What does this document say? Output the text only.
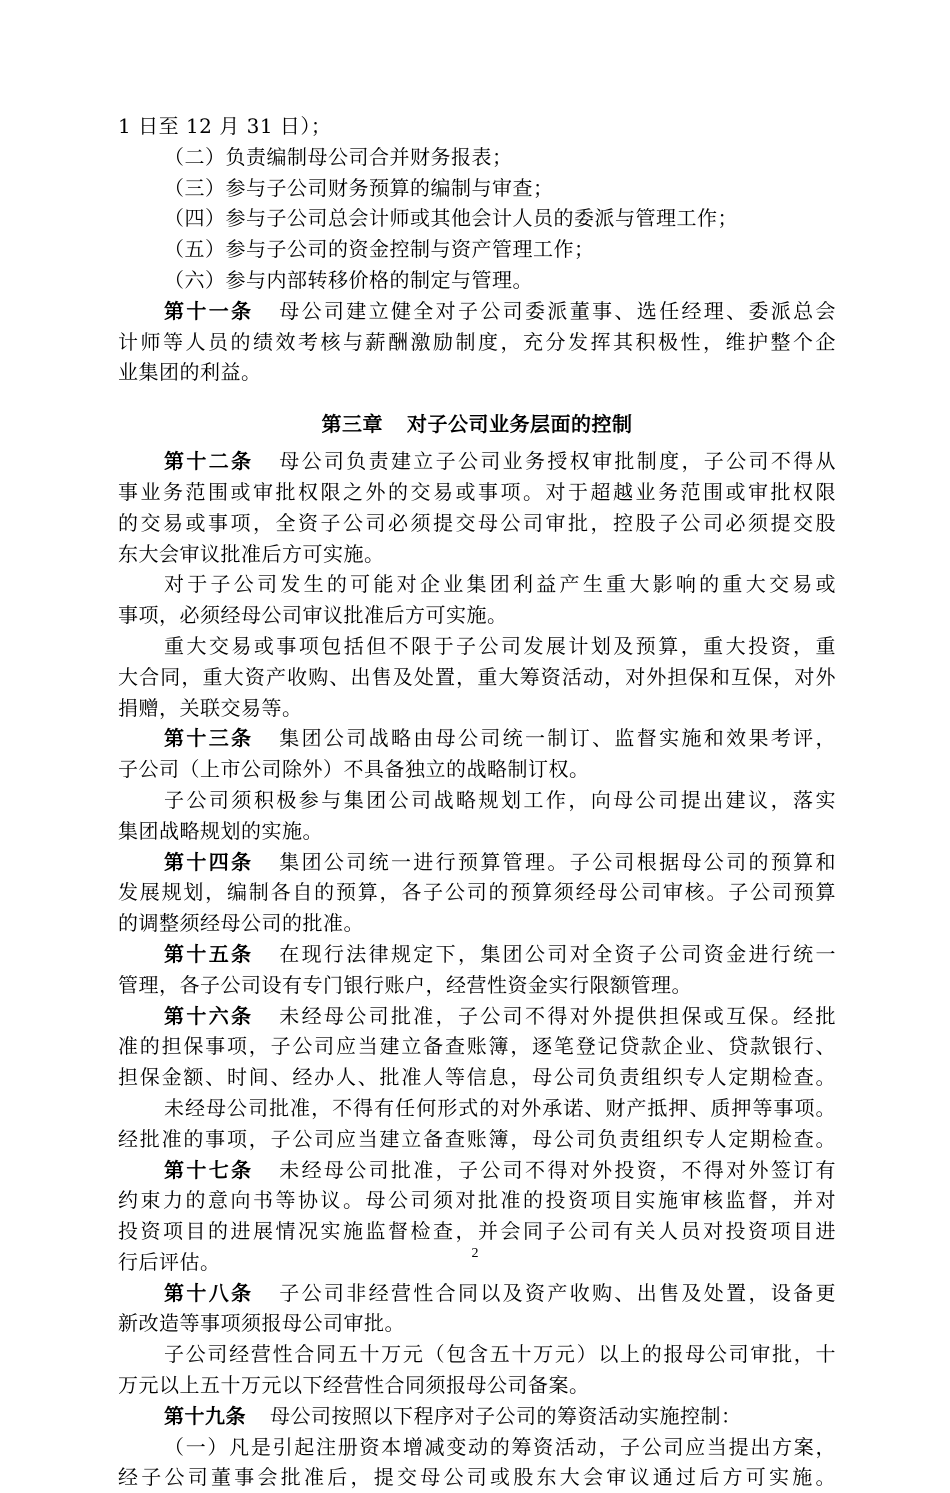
1 日至 12 月 31 日）；
（二）负责编制母公司合并财务报表；
（三）参与子公司财务预算的编制与审查；
（四）参与子公司总会计师或其他会计人员的委派与管理工作；
（五）参与子公司的资金控制与资产管理工作；
（六）参与内部转移价格的制定与管理。
第十一条 母公司建立健全对子公司委派董事、选任经理、委派总会
计师等人员的绩效考核与薪酬激励制度，充分发挥其积极性，维护整个企
业集团的利益。
第三章 对子公司业务层面的控制
第十二条 母公司负责建立子公司业务授权审批制度，子公司不得从
事业务范围或审批权限之外的交易或事项。对于超越业务范围或审批权限
的交易或事项，全资子公司必须提交母公司审批，控股子公司必须提交股
东大会审议批准后方可实施。
对于子公司发生的可能对企业集团利益产生重大影响的重大交易或
事项，必须经母公司审议批准后方可实施。
重大交易或事项包括但不限于子公司发展计划及预算，重大投资，重
大合同，重大资产收购、出售及处置，重大筹资活动，对外担保和互保，对外
捐赠，关联交易等。
第十三条 集团公司战略由母公司统一制订、监督实施和效果考评，
子公司（上市公司除外）不具备独立的战略制订权。
子公司须积极参与集团公司战略规划工作，向母公司提出建议，落实
集团战略规划的实施。
第十四条 集团公司统一进行预算管理。子公司根据母公司的预算和
发展规划，编制各自的预算，各子公司的预算须经母公司审核。子公司预算
的调整须经母公司的批准。
第十五条 在现行法律规定下，集团公司对全资子公司资金进行统一
管理，各子公司设有专门银行账户，经营性资金实行限额管理。
第十六条 未经母公司批准，子公司不得对外提供担保或互保。经批
准的担保事项，子公司应当建立备查账簿，逐笔登记贷款企业、贷款银行、
担保金额、时间、经办人、批准人等信息，母公司负责组织专人定期检查。
未经母公司批准，不得有任何形式的对外承诺、财产抵押、质押等事项。
经批准的事项，子公司应当建立备查账簿，母公司负责组织专人定期检查。
第十七条 未经母公司批准，子公司不得对外投资，不得对外签订有
约束力的意向书等协议。母公司须对批准的投资项目实施审核监督，并对
投资项目的进展情况实施监督检查，并会同子公司有关人员对投资项目进
行后评估。
第十八条 子公司非经营性合同以及资产收购、出售及处置，设备更
新改造等事项须报母公司审批。
子公司经营性合同五十万元（包含五十万元）以上的报母公司审批，十
万元以上五十万元以下经营性合同须报母公司备案。
第十九条 母公司按照以下程序对子公司的筹资活动实施控制：
（一）凡是引起注册资本增减变动的筹资活动，子公司应当提出方案，
经子公司董事会批准后，提交母公司或股东大会审议通过后方可实施。
2
